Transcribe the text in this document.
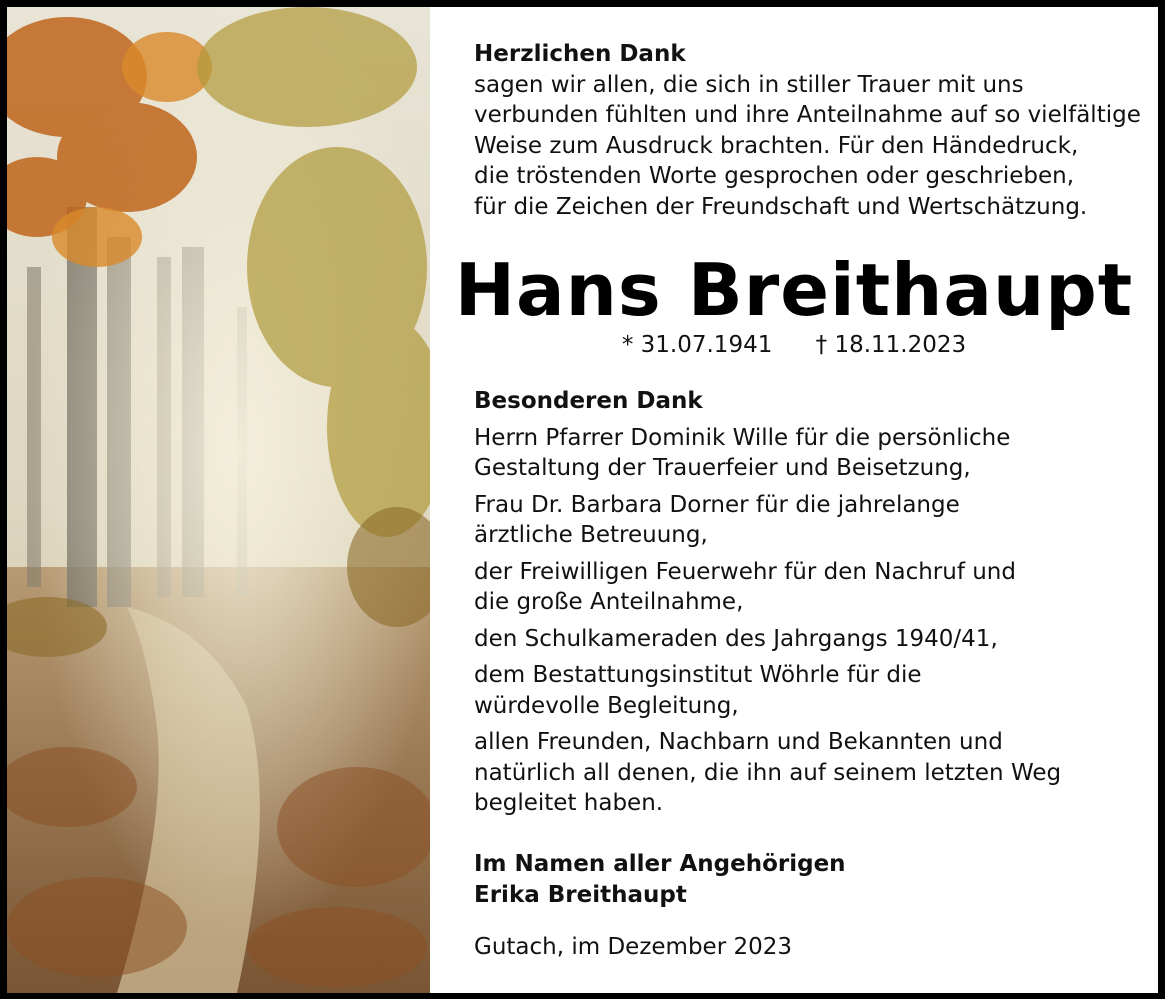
Herzlichen Dank
sagen wir allen, die sich in stiller Trauer mit uns
verbunden fühlten und ihre Anteilnahme auf so vielfältige
Weise zum Ausdruck brachten. Für den Händedruck,
die tröstenden Worte gesprochen oder geschrieben,
für die Zeichen der Freundschaft und Wertschätzung.
Hans Breithaupt
* 31.07.1941 † 18.11.2023
Besonderen Dank
Herrn Pfarrer Dominik Wille für die persönliche
Gestaltung der Trauerfeier und Beisetzung,
Frau Dr. Barbara Dorner für die jahrelange
ärztliche Betreuung,
der Freiwilligen Feuerwehr für den Nachruf und
die große Anteilnahme,
den Schulkameraden des Jahrgangs 1940/41,
dem Bestattungsinstitut Wöhrle für die
würdevolle Begleitung,
allen Freunden, Nachbarn und Bekannten und
natürlich all denen, die ihn auf seinem letzten Weg
begleitet haben.
Im Namen aller Angehörigen
Erika Breithaupt
Gutach, im Dezember 2023
